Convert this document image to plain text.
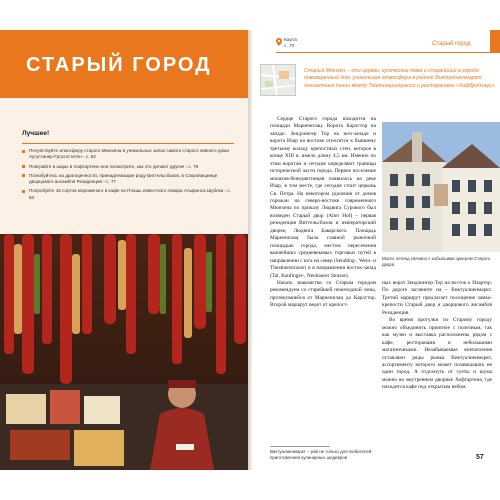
СТАРЫЙ ГОРОД
Лучшее!
Почувствуйте атмосферу старого Мюнхена в уникальных залах самого старого пивного дома Аугустинер-Гросгаттетен › с. 62
Поиграйте в шары в Хофгартене или посмотрите, как это делают другие › с. 76
Полюбуйтесь на драгоценности, принадлежащие роду Виттельсбахов, в Сокровищнице дворцового ансамбля Резиденция › с. 77
Попробуйте 18 сортов мороженого в кафе на Плашь известного повара Альфонса Шубека › с. 83
Карта
с. 70	Старый город
Старый Мюнхен – это церкви, купеческие дома и старейший в городе пивоваренный дом, уникальная атмосфера в районе Виктуалиенмаркт, элегантные пинии между Театинерштрассе и ресторанами «Хофбройхаус».

Сердце Старого города находится на площади Мариенплац. Ворота Карлстор на западе. Зендлингер Тор на юго-западе и ворота Изар на востоке относятся к бывшему третьему кольцу крепостных стен, которое в конце XIII в. имело длину 4,5 км. Именно по этим воротам и сегодня определяют границы исторической части города. Первое поселение монахов-бенедиктинцев появилось на реке Изар, в том месте, где сегодня стоит церковь Св. Петра. На некотором удалении от домов горожан на северо-востоке современного Мюнхена по приказу Людвига Сурового был возведен Старый двор (Alter Hof) – первая резиденция Виттельсбахов и императорский дворец Людвига Баварского. Площадь Мариенплац была главной рыночной площадью города, местом пересечения важнейших средневековых торговых путей в направлении с юга на север (Sendling-, Wein- и Theatinerstrasse) и в направлении восток-запад (Tal, Kaufinger-, Neuhauser Strasse).

Начать знакомство со Старым городом рекомендуем со старейшей пешеходной зоны, протянувшейся от Мариенплац до Карлстор. Второй маршрут ведет от крепост-

Много легенд связано с кобыльими эркером Старого двора

ных ворот Зендлингер-Тор на восток к Изартор. По дороге загляните на – Виктуалиенмаркт. Третий маршрут предлагает посещение замка-крепости Старый двор и дворцового ансамбля Резиденция.

Во время прогулки по Старому городу можно объединить приятное с полезным, так как музеи и выставка расположены рядом с кафе, ресторанами и небольшими магазинчиками. Незабываемые впечатления оставляют ряды рынка Виктуалиенмаркт, ассортименту которого может позавидовать не один город. А отдохнуть от суеты и шума можно во внутреннем дворике Хофгартена, где находится кафе под открытым небом.

Виктуалиенмаркт – рай не только для любителей приготовления кулинарных шедевров	57
